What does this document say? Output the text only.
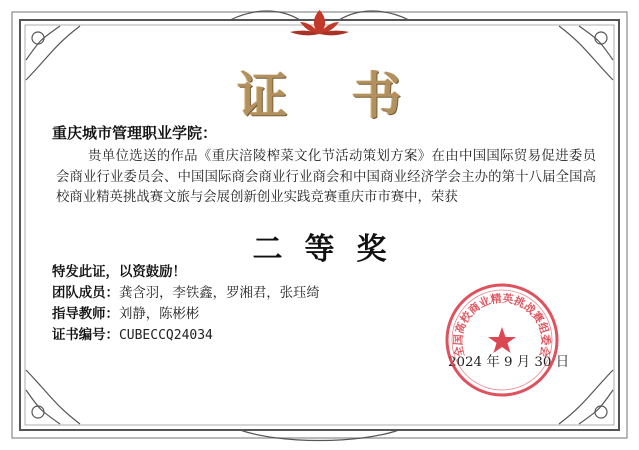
证书
重庆城市管理职业学院：
贵单位选送的作品《重庆涪陵榨菜文化节活动策划方案》在由中国国际贸易促进委员会商业行业委员会、中国国际商会商业行业商会和中国商业经济学会主办的第十八届全国高校商业精英挑战赛文旅与会展创新创业实践竞赛重庆市市赛中，荣获
二等奖
特发此证，以资鼓励！
团队成员：龚含羽，李铁鑫，罗湘君，张珏绮
指导教师：刘静，陈彬彬
证书编号：CUBECCQ24034
2024 年 9 月 30 日
全国高校商业精英挑战赛组委会
